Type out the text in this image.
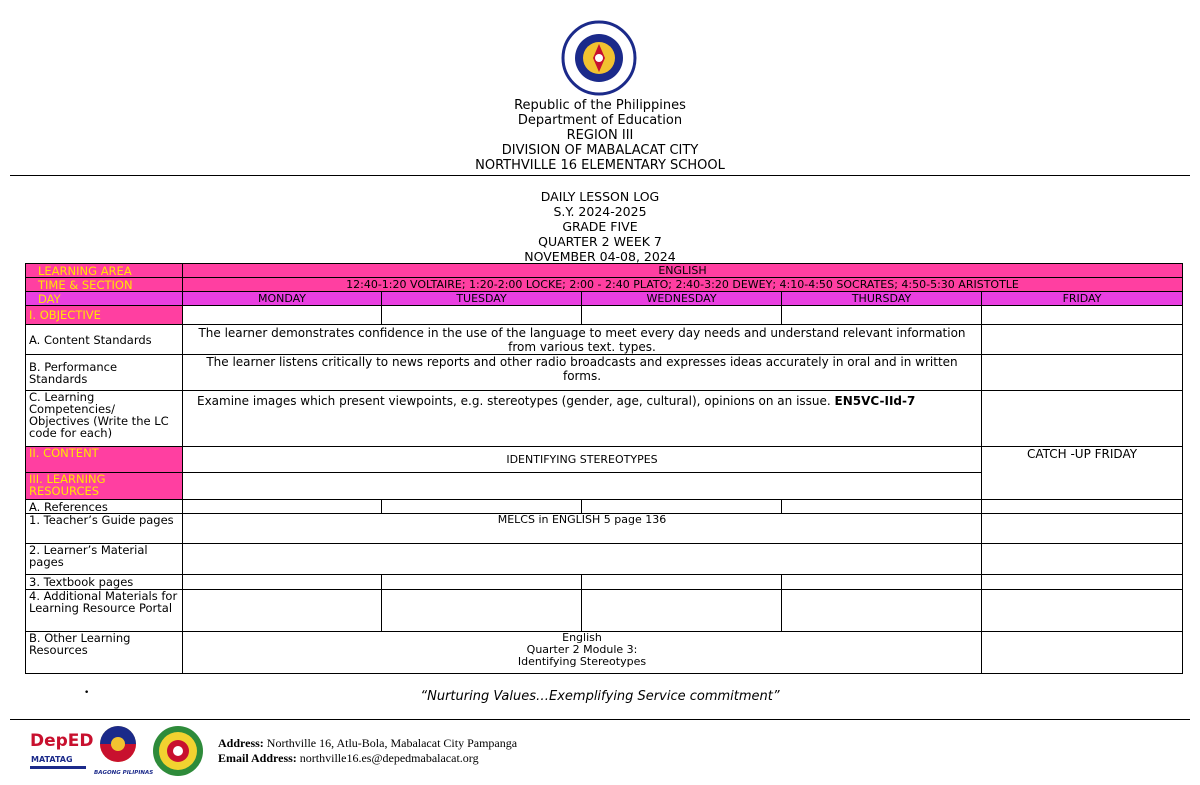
Republic of the Philippines
Department of Education
REGION III
DIVISION OF MABALACAT CITY
NORTHVILLE 16 ELEMENTARY SCHOOL
DAILY LESSON LOG
S.Y. 2024-2025
GRADE FIVE
QUARTER 2 WEEK 7
NOVEMBER 04-08, 2024
LEARNING AREA	ENGLISH				
TIME & SECTION	12:40-1:20 VOLTAIRE; 1:20-2:00 LOCKE; 2:00 - 2:40 PLATO; 2:40-3:20 DEWEY; 4:10-4:50 SOCRATES; 4:50-5:30 ARISTOTLE				
DAY	MONDAY	TUESDAY	WEDNESDAY	THURSDAY	FRIDAY
I. OBJECTIVE					
A. Content Standards	The learner demonstrates confidence in the use of the language to meet every day needs and understand relevant information from various text. types.				
B. Performance Standards	The learner listens critically to news reports and other radio broadcasts and expresses ideas accurately in oral and in written forms.				
C. Learning Competencies/ Objectives (Write the LC code for each)	Examine images which present viewpoints, e.g. stereotypes (gender, age, cultural), opinions on an issue. EN5VC-IId-7				
II. CONTENT	IDENTIFYING STEREOTYPES				CATCH -UP FRIDAY
III. LEARNING RESOURCES					
A. References					
1. Teacher’s Guide pages	MELCS in ENGLISH 5 page 136				
2. Learner’s Material pages					
3. Textbook pages					
4. Additional Materials for Learning Resource Portal					
B. Other Learning Resources	English
Quarter 2 Module 3:
Identifying Stereotypes				

•	“Nurturing Values…Exemplifying Service commitment”
DepED
MATATAG
BAGONG PILIPINAS
Address: Northville 16, Atlu-Bola, Mabalacat City Pampanga
Email Address: northville16.es@depedmabalacat.org
